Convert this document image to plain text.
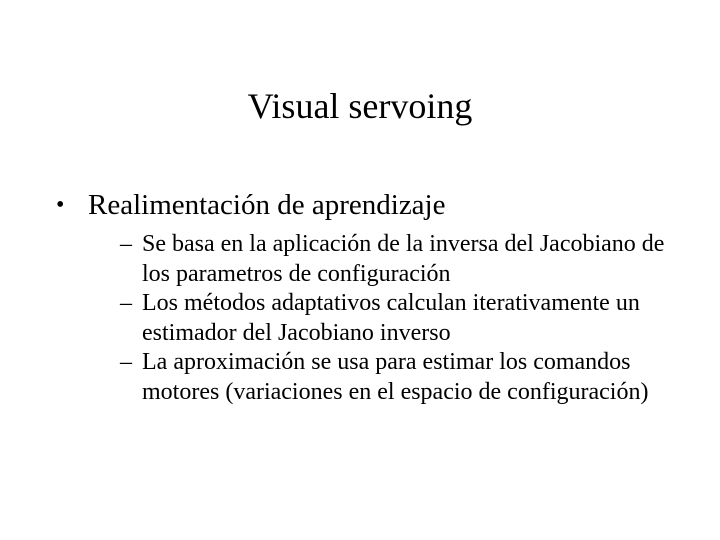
Visual servoing
• Realimentación de aprendizaje
– Se basa en la aplicación de la inversa del Jacobiano de los parametros de configuración
– Los métodos adaptativos calculan iterativamente un estimador del Jacobiano inverso
– La aproximación se usa para estimar los comandos motores (variaciones en el espacio de configuración)
